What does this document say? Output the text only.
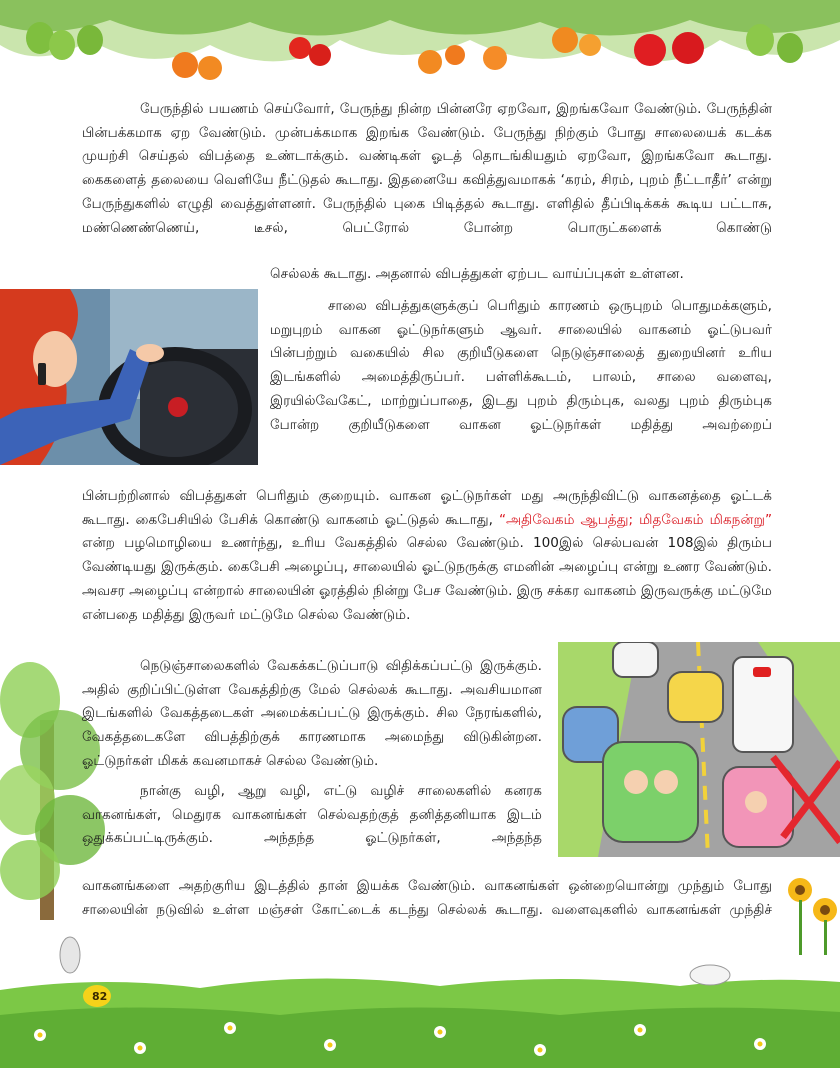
பேருந்தில் பயணம் செய்வோர், பேருந்து நின்ற பின்னரே ஏறவோ, இறங்கவோ வேண்டும். பேருந்தின் பின்பக்கமாக ஏற வேண்டும். முன்பக்கமாக இறங்க வேண்டும். பேருந்து நிற்கும் போது சாலையைக் கடக்க முயற்சி செய்தல் விபத்தை உண்டாக்கும். வண்டிகள் ஓடத் தொடங்கியதும் ஏறவோ, இறங்கவோ கூடாது. கைகளைத் தலையை வெளியே நீட்டுதல் கூடாது. இதனையே கவித்துவமாகக் ‘கரம், சிரம், புறம் நீட்டாதீர்’ என்று பேருந்துகளில் எழுதி வைத்துள்ளனர். பேருந்தில் புகை பிடித்தல் கூடாது. எளிதில் தீப்பிடிக்கக் கூடிய பட்டாசு, மண்ணெண்ணெய், டீசல், பெட்ரோல் போன்ற பொருட்களைக் கொண்டு

செல்லக் கூடாது. அதனால் விபத்துகள் ஏற்பட வாய்ப்புகள் உள்ளன.

சாலை விபத்துகளுக்குப் பெரிதும் காரணம் ஒருபுறம் பொதுமக்களும், மறுபுறம் வாகன ஓட்டுநர்களும் ஆவர். சாலையில் வாகனம் ஓட்டுபவர் பின்பற்றும் வகையில் சில குறியீடுகளை நெடுஞ்சாலைத் துறையினர் உரிய இடங்களில் அமைத்திருப்பர். பள்ளிக்கூடம், பாலம், சாலை வளைவு, இரயில்வேகேட், மாற்றுப்பாதை, இடது புறம் திரும்புக, வலது புறம் திரும்புக போன்ற குறியீடுகளை வாகன ஓட்டுநர்கள் மதித்து அவற்றைப்

பின்பற்றினால் விபத்துகள் பெரிதும் குறையும். வாகன ஓட்டுநர்கள் மது அருந்திவிட்டு வாகனத்தை ஓட்டக் கூடாது. கைபேசியில் பேசிக் கொண்டு வாகனம் ஓட்டுதல் கூடாது, “அதிவேகம் ஆபத்து; மிதவேகம் மிகநன்று” என்ற பழமொழியை உணர்ந்து, உரிய வேகத்தில் செல்ல வேண்டும். 100இல் செல்பவன் 108இல் திரும்ப வேண்டியது இருக்கும். கைபேசி அழைப்பு, சாலையில் ஓட்டுநருக்கு எமனின் அழைப்பு என்று உணர வேண்டும். அவசர அழைப்பு என்றால் சாலையின் ஓரத்தில் நின்று பேச வேண்டும். இரு சக்கர வாகனம் இருவருக்கு மட்டுமே என்பதை மதித்து இருவர் மட்டுமே செல்ல வேண்டும்.

நெடுஞ்சாலைகளில் வேகக்கட்டுப்பாடு விதிக்கப்பட்டு இருக்கும். அதில் குறிப்பிட்டுள்ள வேகத்திற்கு மேல் செல்லக் கூடாது. அவசியமான இடங்களில் வேகத்தடைகள் அமைக்கப்பட்டு இருக்கும். சில நேரங்களில், வேகத்தடைகளே விபத்திற்குக் காரணமாக அமைந்து விடுகின்றன. ஓட்டுநர்கள் மிகக் கவனமாகச் செல்ல வேண்டும்.

நான்கு வழி, ஆறு வழி, எட்டு வழிச் சாலைகளில் கனரக வாகனங்கள், மெதுரக வாகனங்கள் செல்வதற்குத் தனித்தனியாக இடம் ஒதுக்கப்பட்டிருக்கும். அந்தந்த ஓட்டுநர்கள், அந்தந்த

வாகனங்களை அதற்குரிய இடத்தில் தான் இயக்க வேண்டும். வாகனங்கள் ஒன்றையொன்று முந்தும் போது சாலையின் நடுவில் உள்ள மஞ்சள் கோட்டைக் கடந்து செல்லக் கூடாது. வளைவுகளில் வாகனங்கள் முந்திச்

82
